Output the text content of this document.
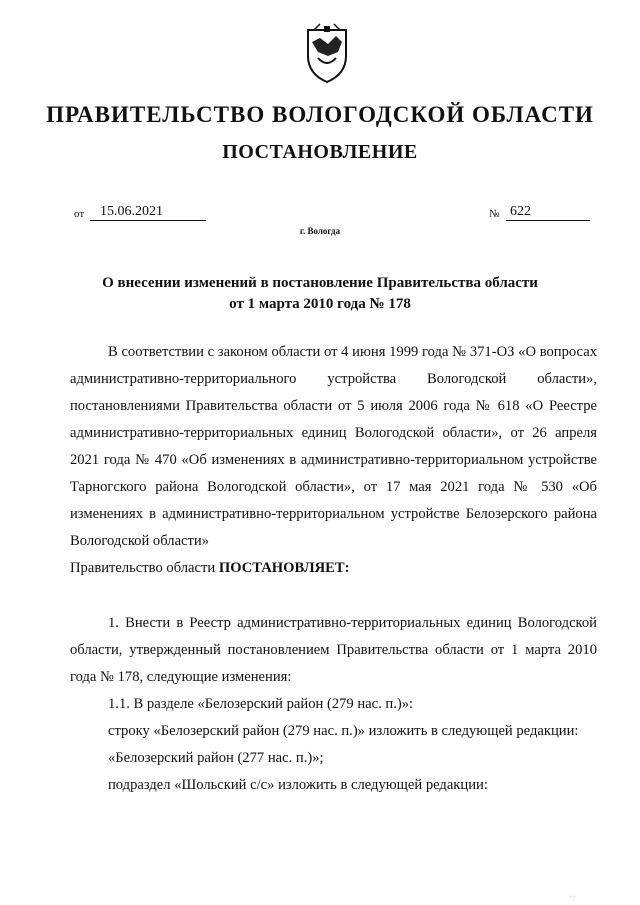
ПРАВИТЕЛЬСТВО ВОЛОГОДСКОЙ ОБЛАСТИ
ПОСТАНОВЛЕНИЕ
от	15.06.2021	№ 622
г. Вологда
О внесении изменений в постановление Правительства области
от 1 марта 2010 года № 178

В соответствии с законом области от 4 июня 1999 года № 371-ОЗ «О вопросах административно-территориального устройства Вологодской области», постановлениями Правительства области от 5 июля 2006 года № 618 «О Реестре административно-территориальных единиц Вологодской области», от 26 апреля 2021 года № 470 «Об изменениях в административно-территориальном устройстве Тарногского района Вологодской области», от 17 мая 2021 года № 530 «Об изменениях в административно-территориальном устройстве Белозерского района Вологодской области»

Правительство области ПОСТАНОВЛЯЕТ:

1. Внести в Реестр административно-территориальных единиц Вологодской области, утвержденный постановлением Правительства области от 1 марта 2010 года № 178, следующие изменения:

1.1. В разделе «Белозерский район (279 нас. п.)»:

строку «Белозерский район (279 нас. п.)» изложить в следующей редакции:

«Белозерский район (277 нас. п.)»;

подраздел «Шольский с/с» изложить в следующей редакции:

· ·
